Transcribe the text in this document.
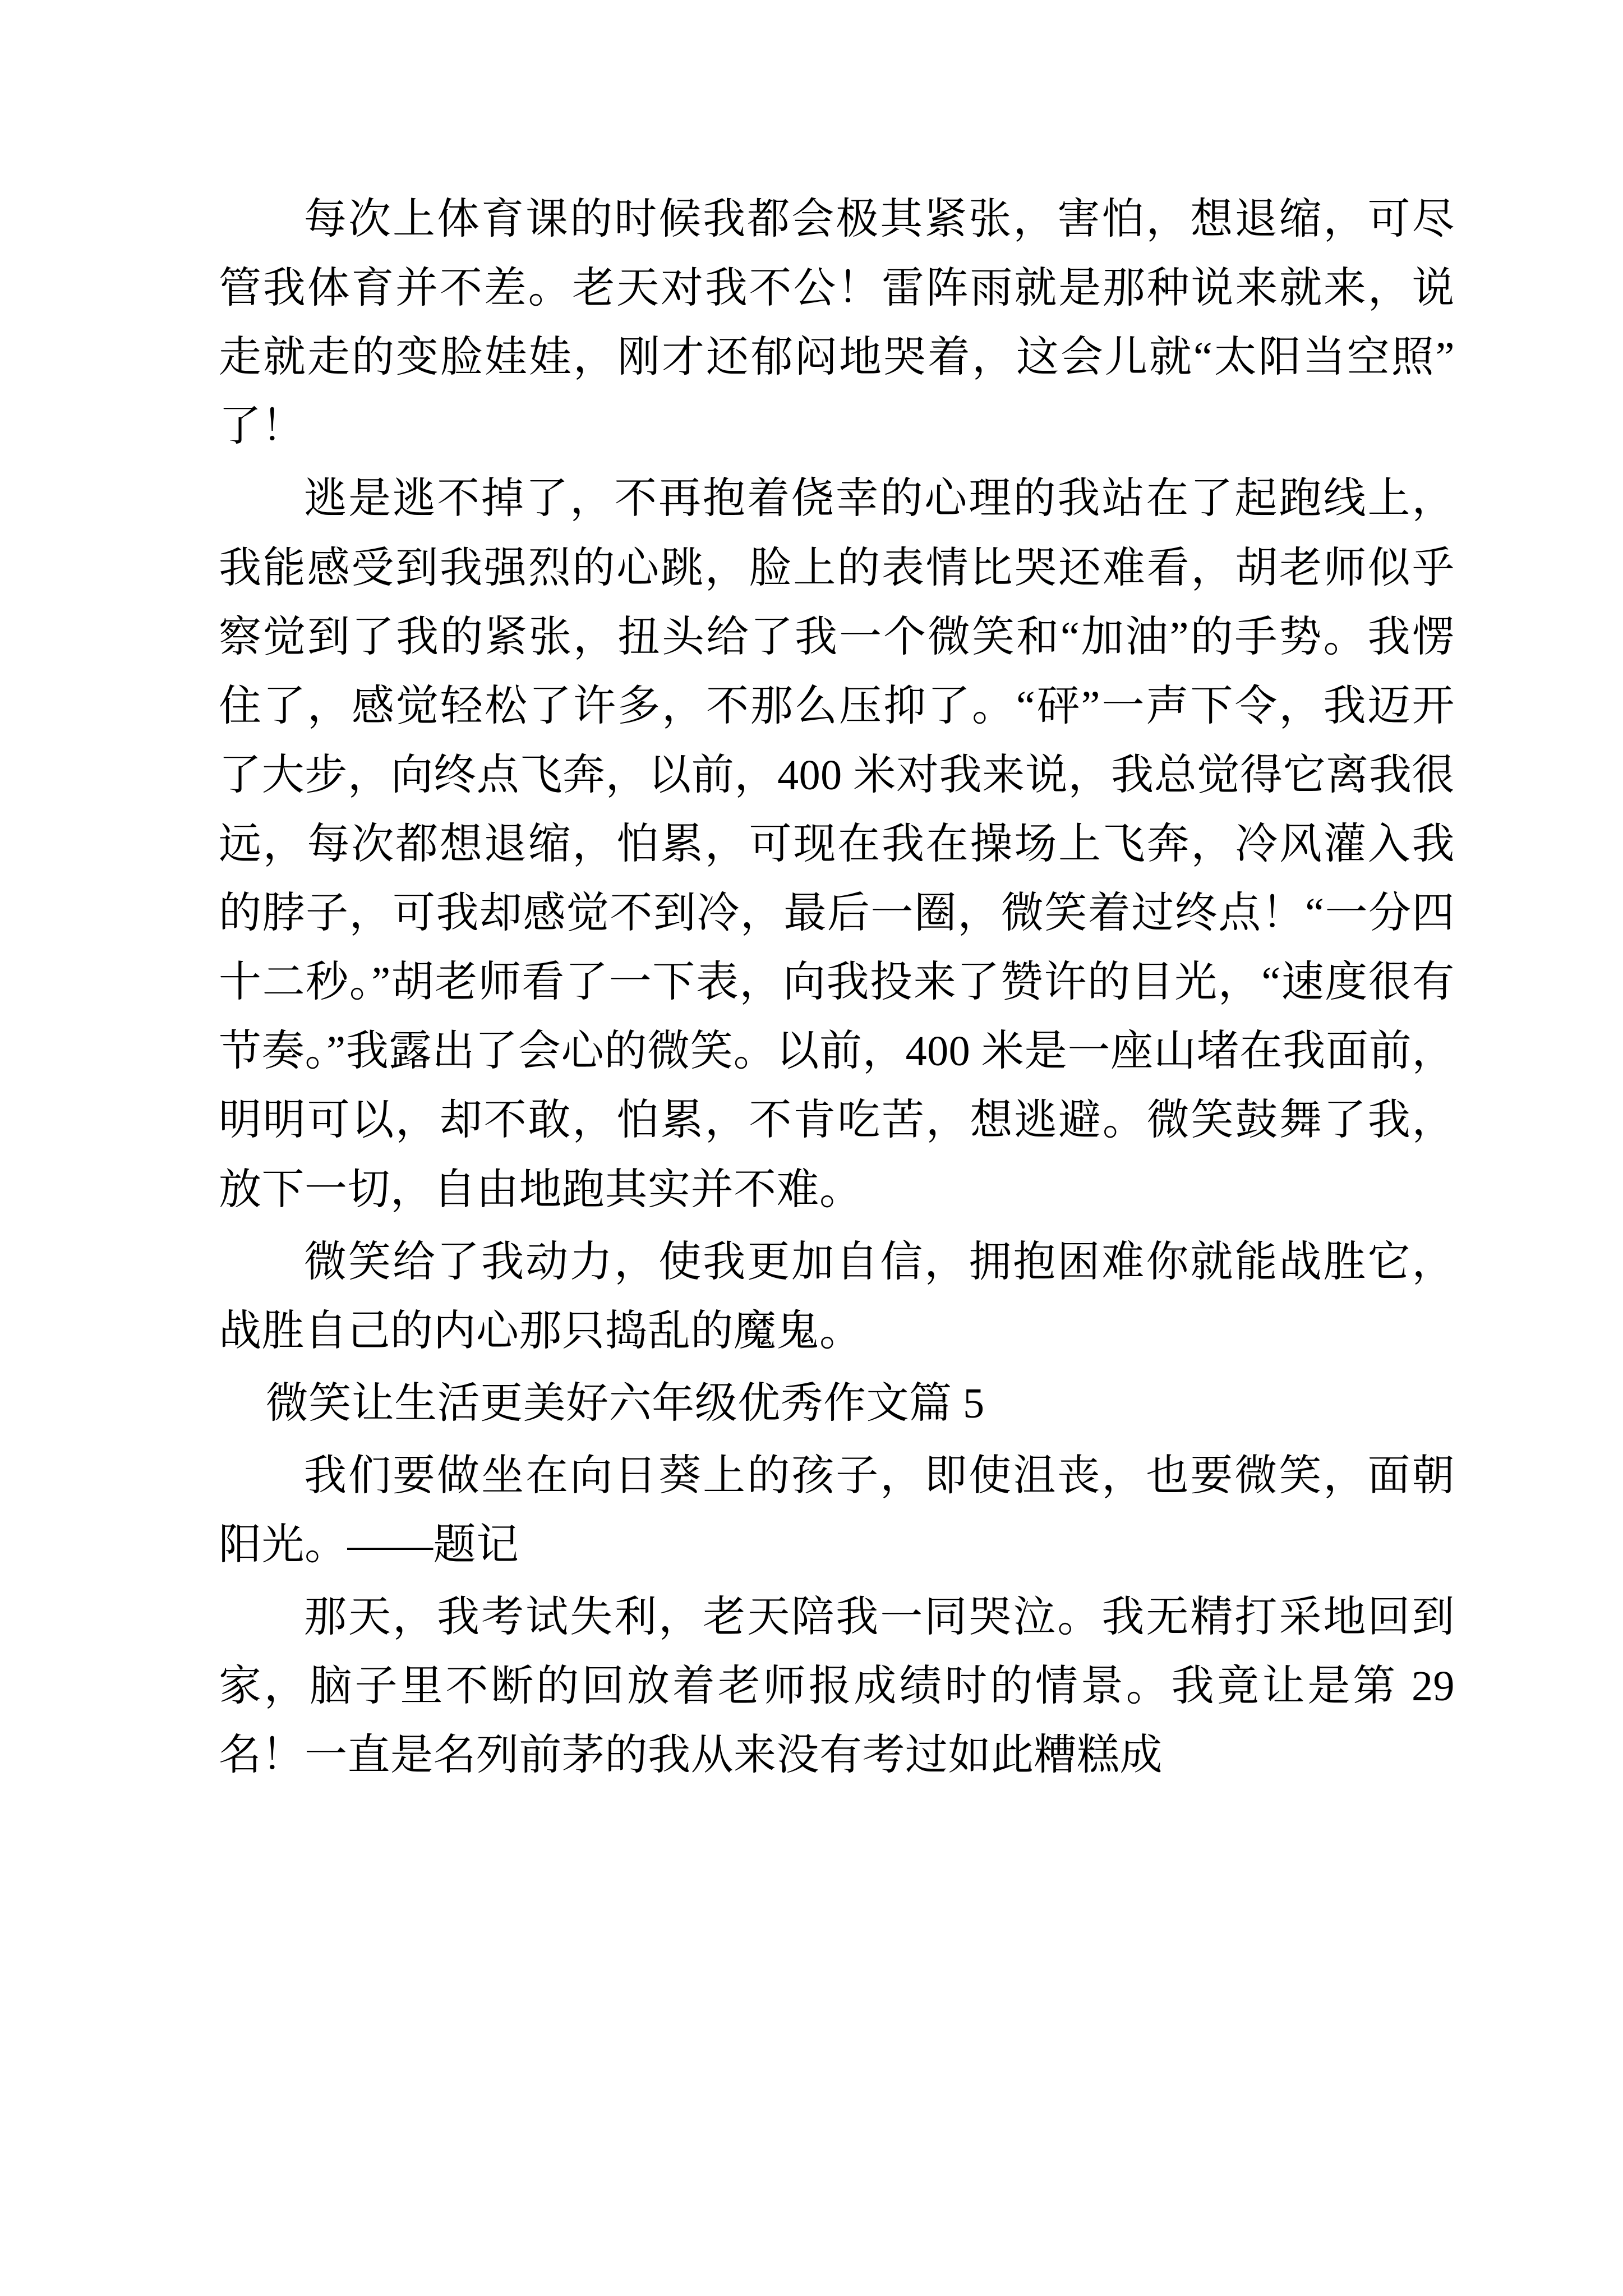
每次上体育课的时候我都会极其紧张，害怕，想退缩，可尽管我体育并不差。老天对我不公！雷阵雨就是那种说来就来，说走就走的变脸娃娃，刚才还郁闷地哭着，这会儿就“太阳当空照”了！

逃是逃不掉了，不再抱着侥幸的心理的我站在了起跑线上，我能感受到我强烈的心跳，脸上的表情比哭还难看，胡老师似乎察觉到了我的紧张，扭头给了我一个微笑和“加油”的手势。我愣住了，感觉轻松了许多，不那么压抑了。“砰”一声下令，我迈开了大步，向终点飞奔，以前，400 米对我来说，我总觉得它离我很远，每次都想退缩，怕累，可现在我在操场上飞奔，冷风灌入我的脖子，可我却感觉不到冷，最后一圈，微笑着过终点！“一分四十二秒。”胡老师看了一下表，向我投来了赞许的目光，“速度很有节奏。”我露出了会心的微笑。以前，400 米是一座山堵在我面前，明明可以，却不敢，怕累，不肯吃苦，想逃避。微笑鼓舞了我，放下一切，自由地跑其实并不难。

微笑给了我动力，使我更加自信，拥抱困难你就能战胜它，战胜自己的内心那只捣乱的魔鬼。

微笑让生活更美好六年级优秀作文篇 5

我们要做坐在向日葵上的孩子，即使沮丧，也要微笑，面朝阳光。——题记

那天，我考试失利，老天陪我一同哭泣。我无精打采地回到家，脑子里不断的回放着老师报成绩时的情景。我竟让是第 29 名！一直是名列前茅的我从来没有考过如此糟糕成
